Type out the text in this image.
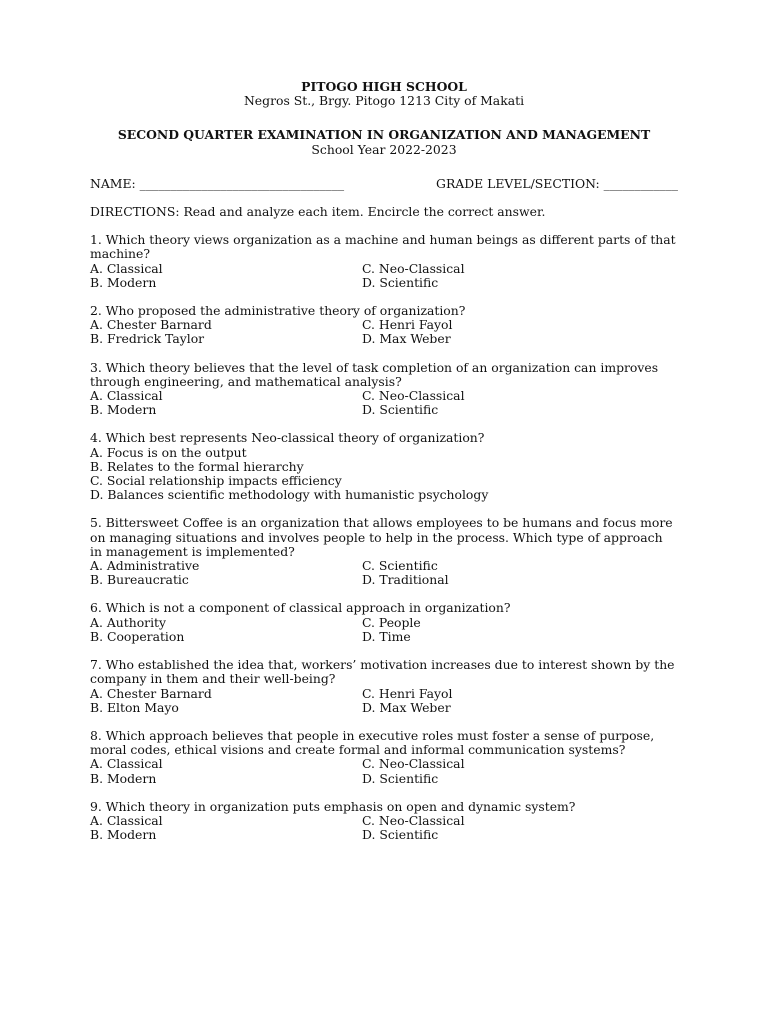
PITOGO HIGH SCHOOL
Negros St., Brgy. Pitogo 1213 City of Makati
SECOND QUARTER EXAMINATION IN ORGANIZATION AND MANAGEMENT
School Year 2022-2023
NAME: _________________________________	GRADE LEVEL/SECTION: ____________
DIRECTIONS: Read and analyze each item. Encircle the correct answer.
1. Which theory views organization as a machine and human beings as different parts of that machine?
A. Classical	C. Neo-Classical
B. Modern	D. Scientific
2. Who proposed the administrative theory of organization?
A. Chester Barnard	C. Henri Fayol
B. Fredrick Taylor	D. Max Weber
3. Which theory believes that the level of task completion of an organization can improves through engineering, and mathematical analysis?
A. Classical	C. Neo-Classical
B. Modern	D. Scientific
4. Which best represents Neo-classical theory of organization?
A. Focus is on the output
B. Relates to the formal hierarchy
C. Social relationship impacts efficiency
D. Balances scientific methodology with humanistic psychology
5. Bittersweet Coffee is an organization that allows employees to be humans and focus more on managing situations and involves people to help in the process. Which type of approach in management is implemented?
A. Administrative	C. Scientific
B. Bureaucratic	D. Traditional
6. Which is not a component of classical approach in organization?
A. Authority	C. People
B. Cooperation	D. Time
7. Who established the idea that, workers’ motivation increases due to interest shown by the company in them and their well-being?
A. Chester Barnard	C. Henri Fayol
B. Elton Mayo	D. Max Weber
8. Which approach believes that people in executive roles must foster a sense of purpose, moral codes, ethical visions and create formal and informal communication systems?
A. Classical	C. Neo-Classical
B. Modern	D. Scientific
9. Which theory in organization puts emphasis on open and dynamic system?
A. Classical	C. Neo-Classical
B. Modern	D. Scientific
